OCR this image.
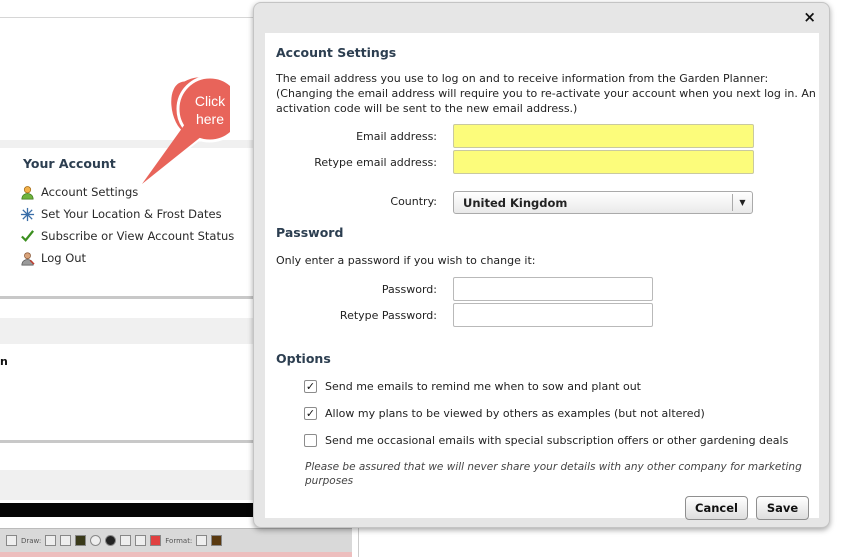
Your Account
Account Settings
Set Your Location & Frost Dates
Subscribe or View Account Status
Log Out
n
Draw:	Format:
Click
here
×
Account Settings
The email address you use to log on and to receive information from the Garden Planner: (Changing the email address will require you to re-activate your account when you next log in. An activation code will be sent to the new email address.)
Email address:
Retype email address:
Country: United Kingdom	▼
Password
Only enter a password if you wish to change it:
Password:
Retype Password:
Options
✓ Send me emails to remind me when to sow and plant out
✓ Allow my plans to be viewed by others as examples (but not altered)
Send me occasional emails with special subscription offers or other gardening deals
Please be assured that we will never share your details with any other company for marketing purposes
Cancel	Save
